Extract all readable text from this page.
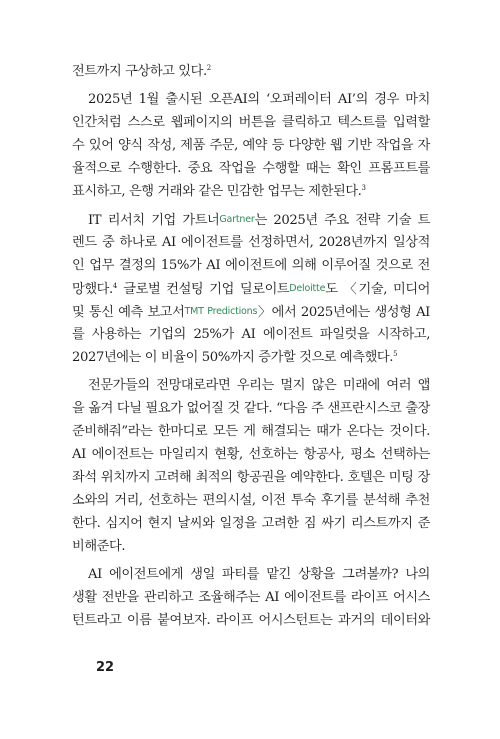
전트까지 구상하고 있다.$^2$
2025년 1월 출시된 오픈AI의 ‘오퍼레이터 AI’의 경우 마치
인간처럼 스스로 웹페이지의 버튼을 클릭하고 텍스트를 입력할
수 있어 양식 작성, 제품 주문, 예약 등 다양한 웹 기반 작업을 자
율적으로 수행한다. 중요 작업을 수행할 때는 확인 프롬프트를
표시하고, 은행 거래와 같은 민감한 업무는 제한된다.$^3$
IT 리서치 기업 가트너Gartner는 2025년 주요 전략 기술 트
렌드 중 하나로 AI 에이전트를 선정하면서, 2028년까지 일상적
인 업무 결정의 15%가 AI 에이전트에 의해 이루어질 것으로 전
망했다.$^4$ 글로벌 컨설팅 기업 딜로이트Deloitte도 〈기술, 미디어
및 통신 예측 보고서TMT Predictions〉에서 2025년에는 생성형 AI
를 사용하는 기업의 25%가 AI 에이전트 파일럿을 시작하고,
2027년에는 이 비율이 50%까지 증가할 것으로 예측했다.$^5$
전문가들의 전망대로라면 우리는 멀지 않은 미래에 여러 앱
을 옮겨 다닐 필요가 없어질 것 같다. “다음 주 샌프란시스코 출장
준비해줘”라는 한마디로 모든 게 해결되는 때가 온다는 것이다.
AI 에이전트는 마일리지 현황, 선호하는 항공사, 평소 선택하는
좌석 위치까지 고려해 최적의 항공권을 예약한다. 호텔은 미팅 장
소와의 거리, 선호하는 편의시설, 이전 투숙 후기를 분석해 추천
한다. 심지어 현지 날씨와 일정을 고려한 짐 싸기 리스트까지 준
비해준다.
AI 에이전트에게 생일 파티를 맡긴 상황을 그려볼까? 나의
생활 전반을 관리하고 조율해주는 AI 에이전트를 라이프 어시스
턴트라고 이름 붙여보자. 라이프 어시스턴트는 과거의 데이터와
22
